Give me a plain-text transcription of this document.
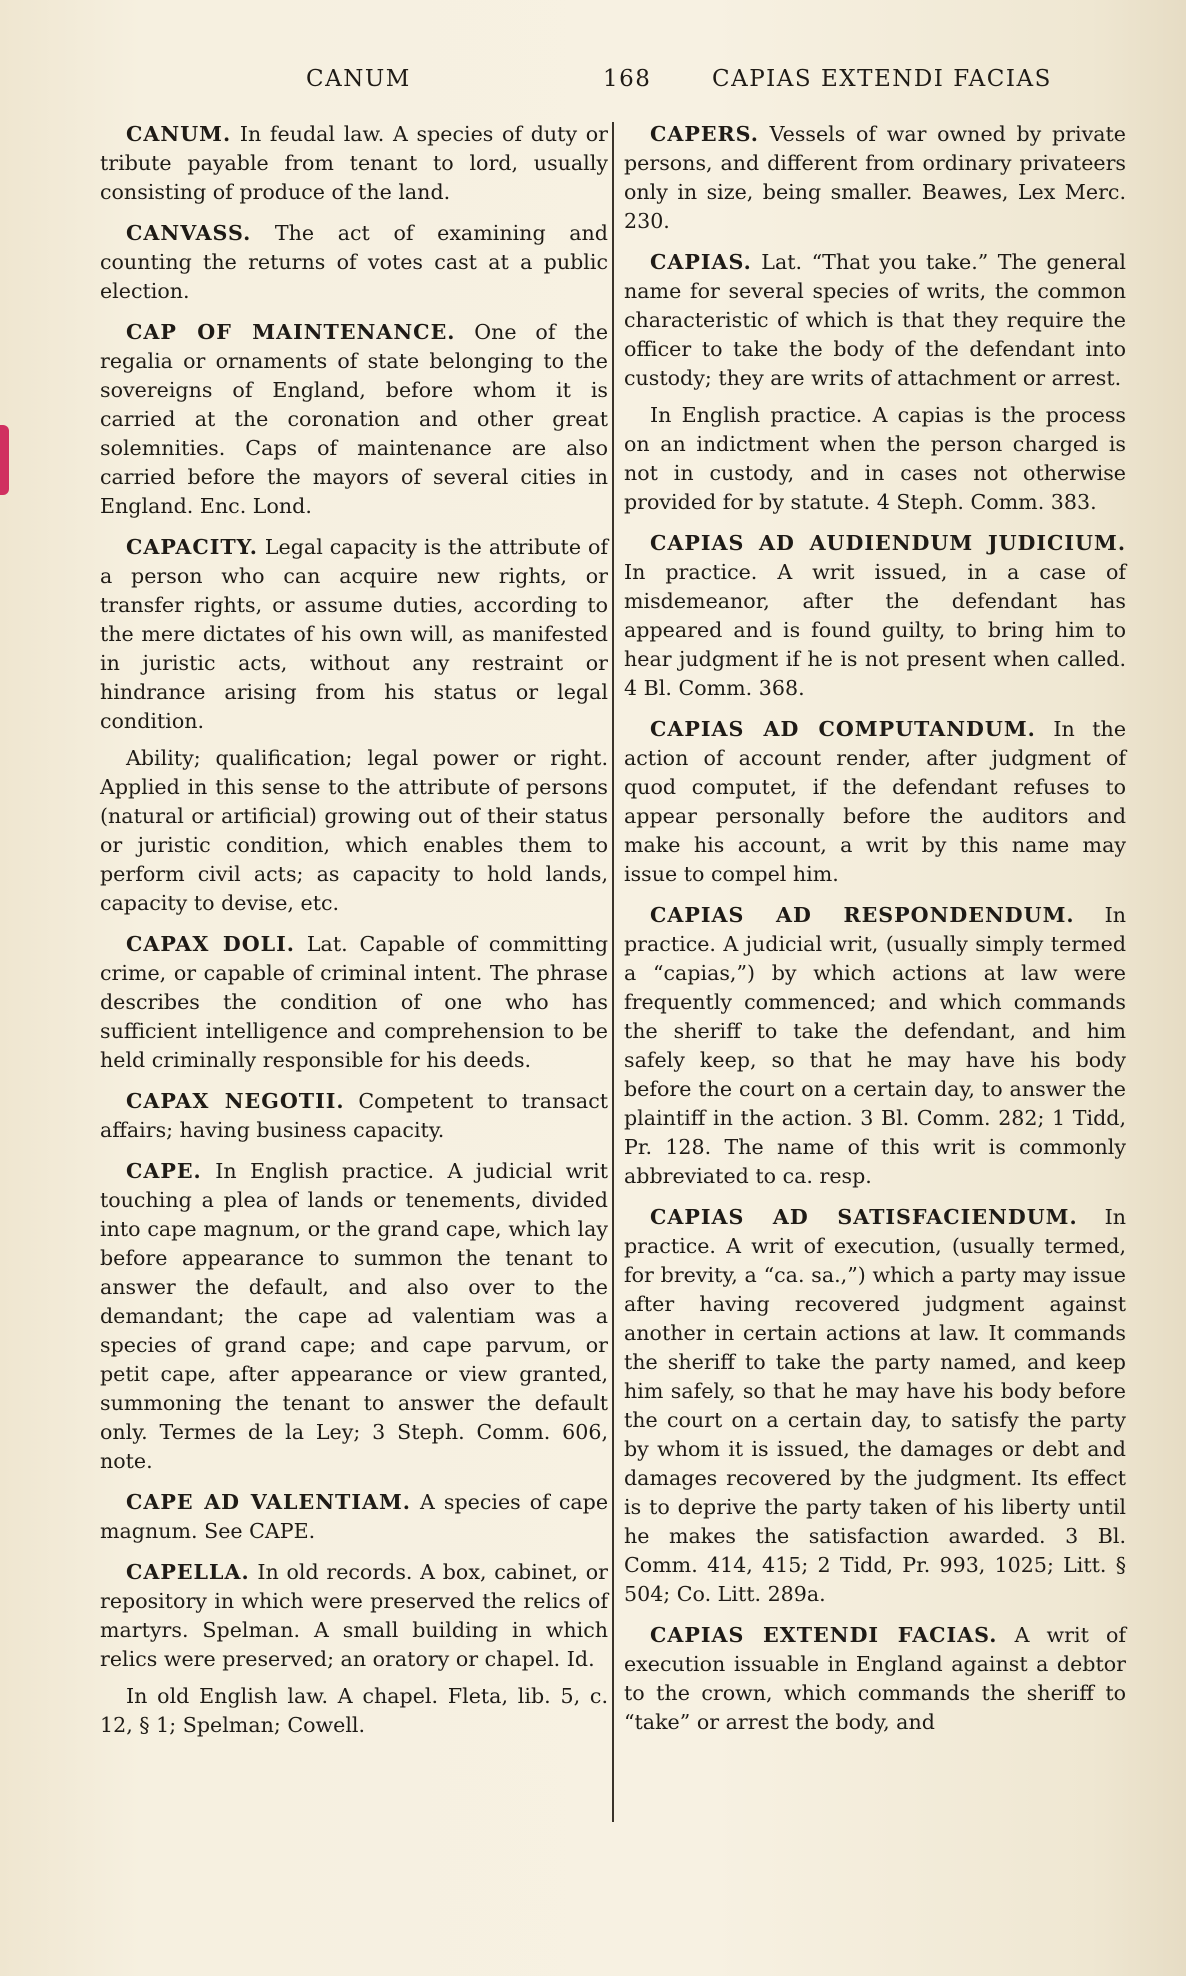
CANUM	168	CAPIAS EXTENDI FACIAS

CANUM. In feudal law. A species of duty or tribute payable from tenant to lord, usually consisting of produce of the land.

CANVASS. The act of examining and counting the returns of votes cast at a public election.

CAP OF MAINTENANCE. One of the regalia or ornaments of state belonging to the sovereigns of England, before whom it is carried at the coronation and other great solemnities. Caps of maintenance are also carried before the mayors of several cities in England. Enc. Lond.

CAPACITY. Legal capacity is the attribute of a person who can acquire new rights, or transfer rights, or assume duties, according to the mere dictates of his own will, as manifested in juristic acts, without any restraint or hindrance arising from his status or legal condition.

Ability; qualification; legal power or right. Applied in this sense to the attribute of persons (natural or artificial) growing out of their status or juristic condition, which enables them to perform civil acts; as capacity to hold lands, capacity to devise, etc.

CAPAX DOLI. Lat. Capable of committing crime, or capable of criminal intent. The phrase describes the condition of one who has sufficient intelligence and comprehension to be held criminally responsible for his deeds.

CAPAX NEGOTII. Competent to transact affairs; having business capacity.

CAPE. In English practice. A judicial writ touching a plea of lands or tenements, divided into cape magnum, or the grand cape, which lay before appearance to summon the tenant to answer the default, and also over to the demandant; the cape ad valentiam was a species of grand cape; and cape parvum, or petit cape, after appearance or view granted, summoning the tenant to answer the default only. Termes de la Ley; 3 Steph. Comm. 606, note.

CAPE AD VALENTIAM. A species of cape magnum. See CAPE.

CAPELLA. In old records. A box, cabinet, or repository in which were preserved the relics of martyrs. Spelman. A small building in which relics were preserved; an oratory or chapel. Id.

In old English law. A chapel. Fleta, lib. 5, c. 12, § 1; Spelman; Cowell.

CAPERS. Vessels of war owned by private persons, and different from ordinary privateers only in size, being smaller. Beawes, Lex Merc. 230.

CAPIAS. Lat. “That you take.” The general name for several species of writs, the common characteristic of which is that they require the officer to take the body of the defendant into custody; they are writs of attachment or arrest.

In English practice. A capias is the process on an indictment when the person charged is not in custody, and in cases not otherwise provided for by statute. 4 Steph. Comm. 383.

CAPIAS AD AUDIENDUM JUDICIUM. In practice. A writ issued, in a case of misdemeanor, after the defendant has appeared and is found guilty, to bring him to hear judgment if he is not present when called. 4 Bl. Comm. 368.

CAPIAS AD COMPUTANDUM. In the action of account render, after judgment of quod computet, if the defendant refuses to appear personally before the auditors and make his account, a writ by this name may issue to compel him.

CAPIAS AD RESPONDENDUM. In practice. A judicial writ, (usually simply termed a “capias,”) by which actions at law were frequently commenced; and which commands the sheriff to take the defendant, and him safely keep, so that he may have his body before the court on a certain day, to answer the plaintiff in the action. 3 Bl. Comm. 282; 1 Tidd, Pr. 128. The name of this writ is commonly abbreviated to ca. resp.

CAPIAS AD SATISFACIENDUM. In practice. A writ of execution, (usually termed, for brevity, a “ca. sa.,”) which a party may issue after having recovered judgment against another in certain actions at law. It commands the sheriff to take the party named, and keep him safely, so that he may have his body before the court on a certain day, to satisfy the party by whom it is issued, the damages or debt and damages recovered by the judgment. Its effect is to deprive the party taken of his liberty until he makes the satisfaction awarded. 3 Bl. Comm. 414, 415; 2 Tidd, Pr. 993, 1025; Litt. § 504; Co. Litt. 289a.

CAPIAS EXTENDI FACIAS. A writ of execution issuable in England against a debtor to the crown, which commands the sheriff to “take” or arrest the body, and
